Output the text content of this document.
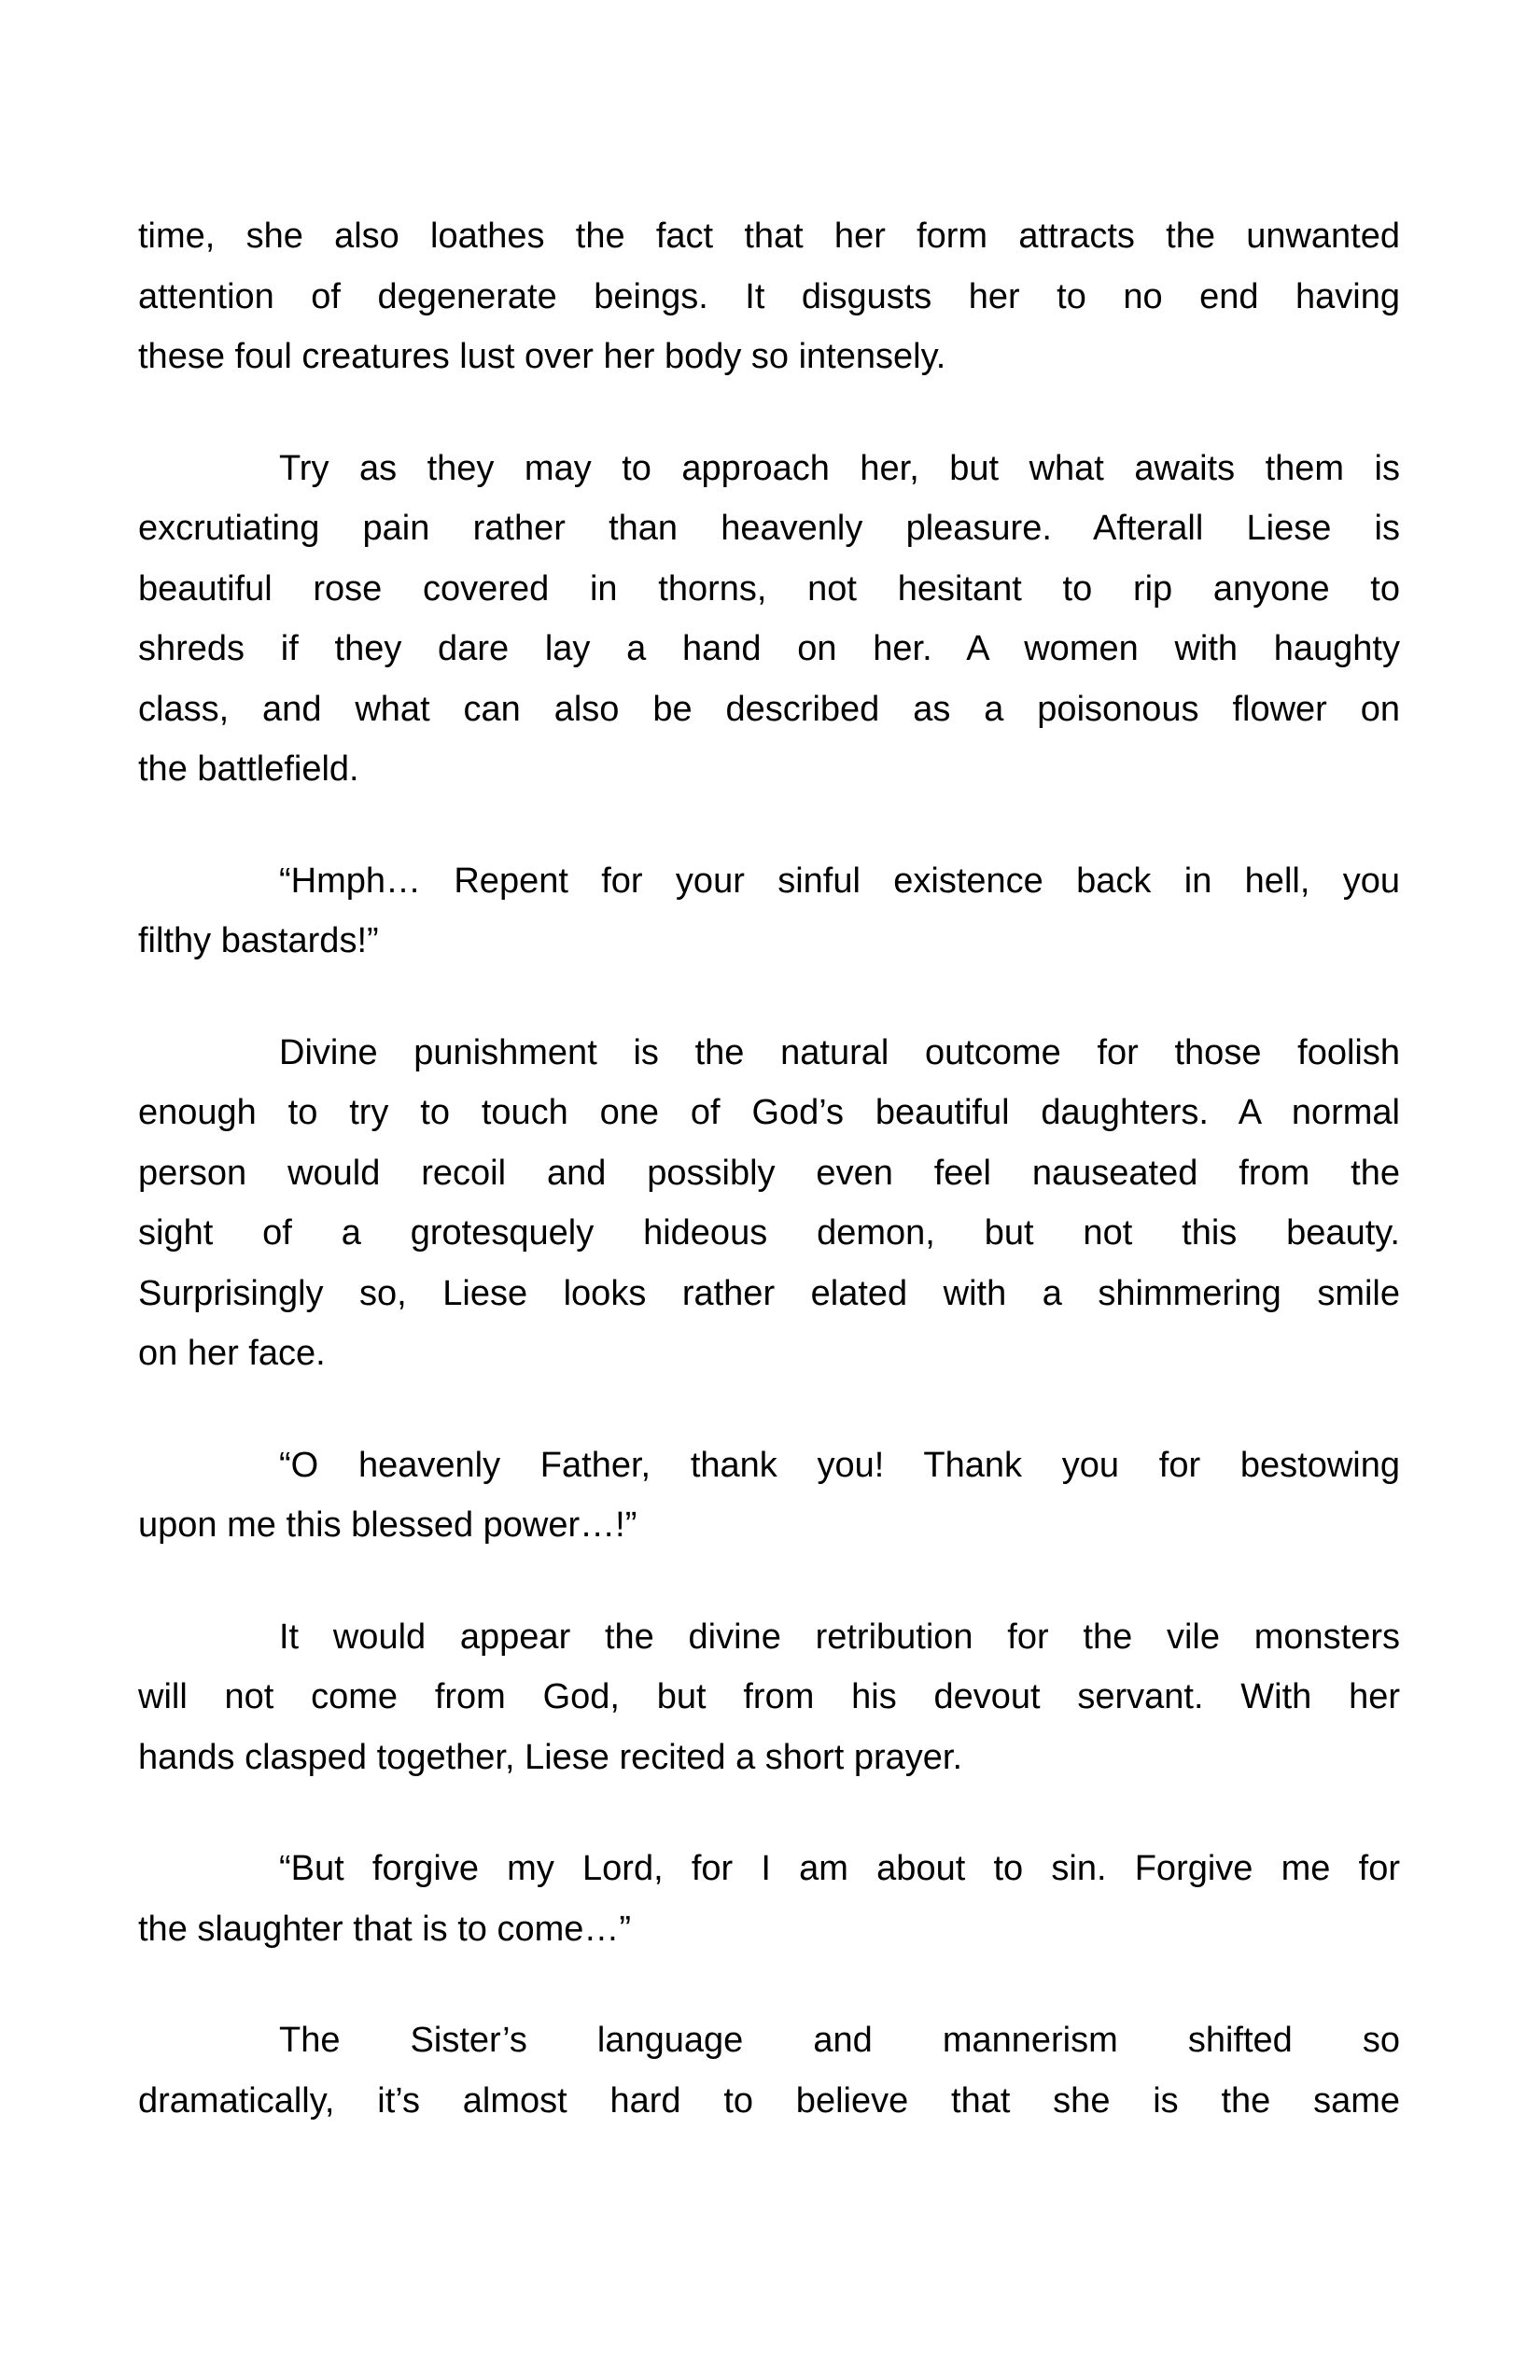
time, she also loathes the fact that her form attracts the unwanted
attention of degenerate beings. It disgusts her to no end having
these foul creatures lust over her body so intensely.
Try as they may to approach her, but what awaits them is
excrutiating pain rather than heavenly pleasure. Afterall Liese is
beautiful rose covered in thorns, not hesitant to rip anyone to
shreds if they dare lay a hand on her. A women with haughty
class, and what can also be described as a poisonous flower on
the battlefield.
“Hmph… Repent for your sinful existence back in hell, you
filthy bastards!”
Divine punishment is the natural outcome for those foolish
enough to try to touch one of God’s beautiful daughters. A normal
person would recoil and possibly even feel nauseated from the
sight of a grotesquely hideous demon, but not this beauty.
Surprisingly so, Liese looks rather elated with a shimmering smile
on her face.
“O heavenly Father, thank you! Thank you for bestowing
upon me this blessed power…!”
It would appear the divine retribution for the vile monsters
will not come from God, but from his devout servant. With her
hands clasped together, Liese recited a short prayer.
“But forgive my Lord, for I am about to sin. Forgive me for
the slaughter that is to come…”
The Sister’s language and mannerism shifted so
dramatically, it’s almost hard to believe that she is the same
